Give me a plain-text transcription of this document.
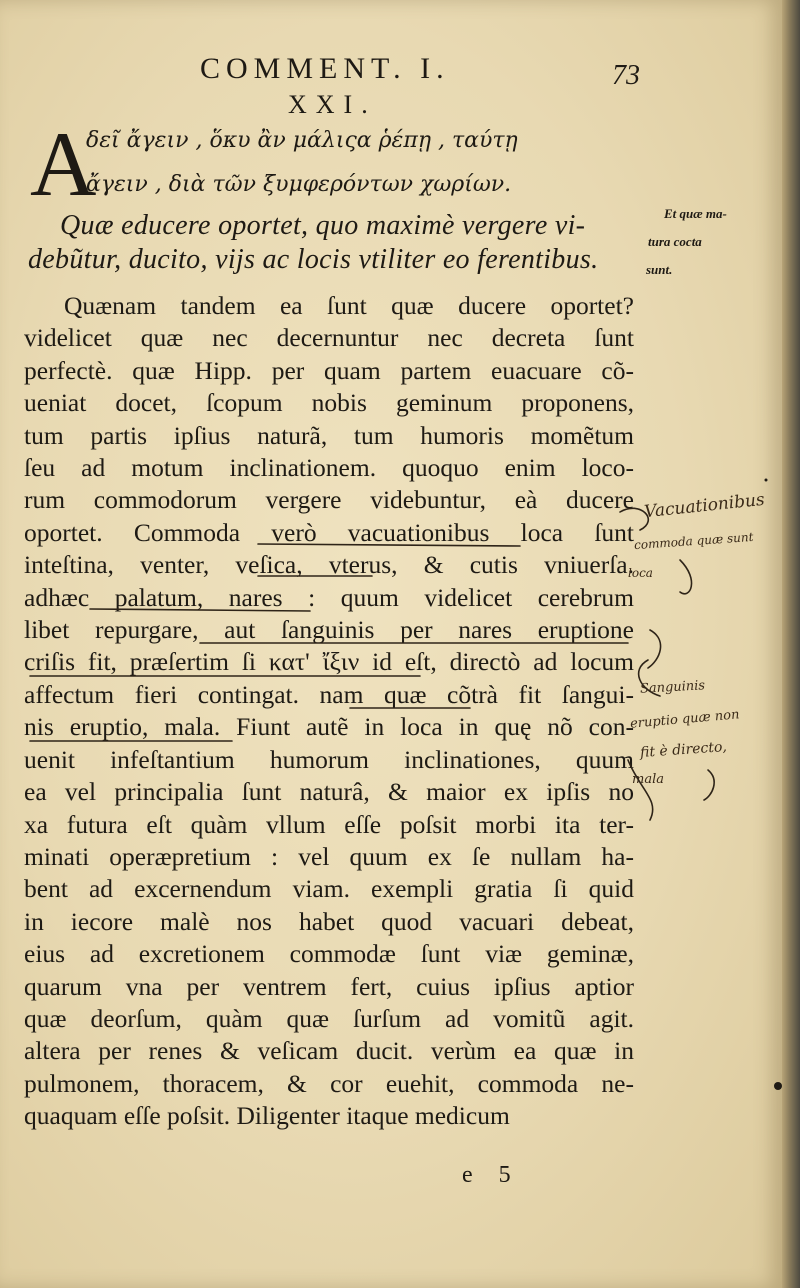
COMMENT. I.	73
XXI.
A
δεῖ ἄγειν , ὅκυ ἂν μάλιςα ῥέπῃ , ταύτῃ
ἄγειν , διὰ τῶν ξυμφερόντων χωρίων.
Quæ educere oportet, quo maximè vergere vi-
debũtur, ducito, vijs ac locis vtiliter eo ferentibus.
Et quæ ma-
tura cocta
sunt.
Quænam tandem ea ſunt quæ ducere oportet?
videlicet quæ nec decernuntur nec decreta ſunt
perfectè. quæ Hipp. per quam partem euacuare cõ-
ueniat docet, ſcopum nobis geminum proponens,
tum partis ipſius naturã, tum humoris momẽtum
ſeu ad motum inclinationem. quoquo enim loco-
rum commodorum vergere videbuntur, eà ducere
oportet. Commoda verò vacuationibus loca ſunt
inteſtina, venter, veſica, vterus, & cutis vniuerſa.
adhæc palatum, nares : quum videlicet cerebrum
libet repurgare, aut ſanguinis per nares eruptione
criſis fit, præſertim ſi κατ' ἴξιν id eſt, directò ad locum
affectum fieri contingat. nam quæ cõtrà fit ſangui-
nis eruptio, mala. Fiunt autẽ in loca in quę nõ con-
uenit infeſtantium humorum inclinationes, quum
ea vel principalia ſunt naturâ, & maior ex ipſis no
xa futura eſt quàm vllum eſſe poſsit morbi ita ter-
minati operæpretium : vel quum ex ſe nullam ha-
bent ad excernendum viam. exempli gratia ſi quid
in iecore malè nos habet quod vacuari debeat,
eius ad excretionem commodæ ſunt viæ geminæ,
quarum vna per ventrem fert, cuius ipſius aptior
quæ deorſum, quàm quæ ſurſum ad vomitũ agit.
altera per renes & veſicam ducit. verùm ea quæ in
pulmonem, thoracem, & cor euehit, commoda ne-
quaquam eſſe poſsit. Diligenter itaque medicum
Vacuationibus
commoda quæ sunt
loca
Sanguinis
eruptio quæ non
fit è directo,
mala
e 5
